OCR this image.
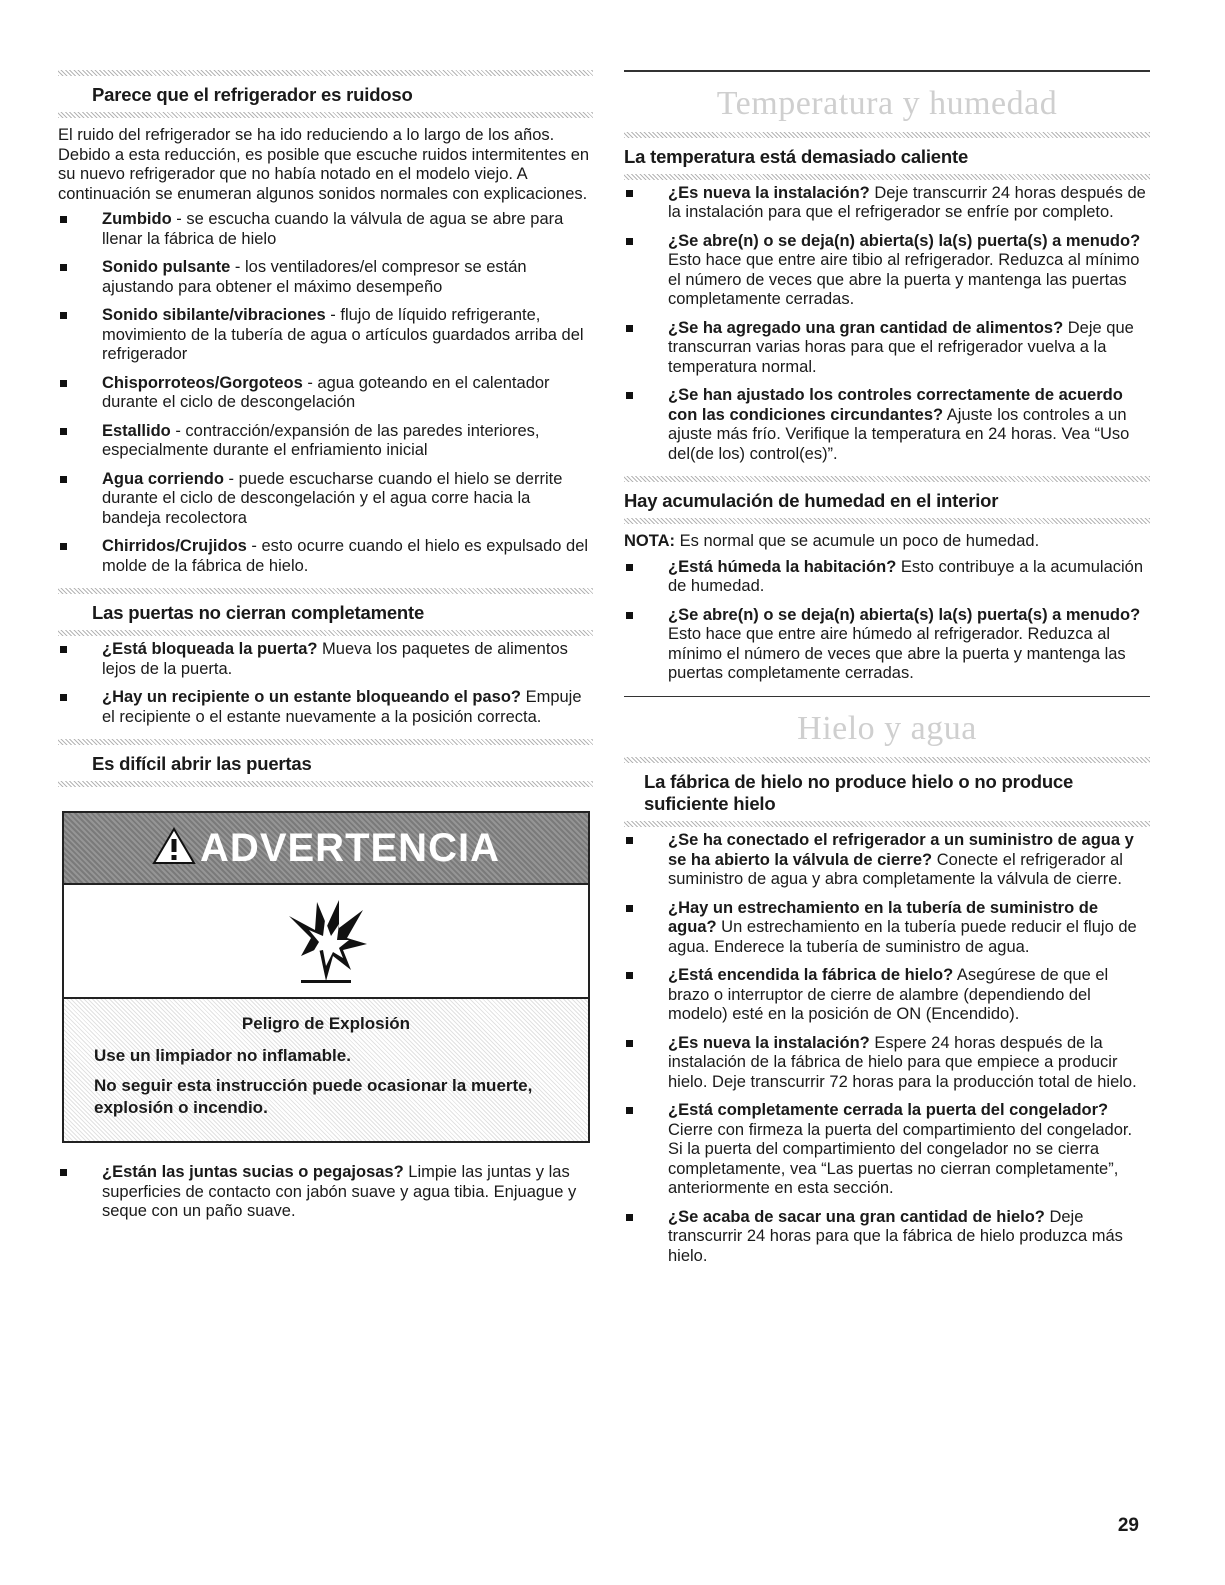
Parece que el refrigerador es ruidoso

El ruido del refrigerador se ha ido reduciendo a lo largo de los años. Debido a esta reducción, es posible que escuche ruidos intermitentes en su nuevo refrigerador que no había notado en el modelo viejo. A continuación se enumeran algunos sonidos normales con explicaciones.

Zumbido - se escucha cuando la válvula de agua se abre para llenar la fábrica de hielo
Sonido pulsante - los ventiladores/el compresor se están ajustando para obtener el máximo desempeño
Sonido sibilante/vibraciones - flujo de líquido refrigerante, movimiento de la tubería de agua o artículos guardados arriba del refrigerador
Chisporroteos/Gorgoteos - agua goteando en el calentador durante el ciclo de descongelación
Estallido - contracción/expansión de las paredes interiores, especialmente durante el enfriamiento inicial
Agua corriendo - puede escucharse cuando el hielo se derrite durante el ciclo de descongelación y el agua corre hacia la bandeja recolectora
Chirridos/Crujidos - esto ocurre cuando el hielo es expulsado del molde de la fábrica de hielo.
Las puertas no cierran completamente
¿Está bloqueada la puerta? Mueva los paquetes de alimentos lejos de la puerta.
¿Hay un recipiente o un estante bloqueando el paso? Empuje el recipiente o el estante nuevamente a la posición correcta.
Es difícil abrir las puertas
ADVERTENCIA
Peligro de Explosión
Use un limpiador no inflamable.
No seguir esta instrucción puede ocasionar la muerte, explosión o incendio.
¿Están las juntas sucias o pegajosas? Limpie las juntas y las superficies de contacto con jabón suave y agua tibia. Enjuague y seque con un paño suave.
Temperatura y humedad
La temperatura está demasiado caliente
¿Es nueva la instalación? Deje transcurrir 24 horas después de la instalación para que el refrigerador se enfríe por completo.
¿Se abre(n) o se deja(n) abierta(s) la(s) puerta(s) a menudo? Esto hace que entre aire tibio al refrigerador. Reduzca al mínimo el número de veces que abre la puerta y mantenga las puertas completamente cerradas.
¿Se ha agregado una gran cantidad de alimentos? Deje que transcurran varias horas para que el refrigerador vuelva a la temperatura normal.
¿Se han ajustado los controles correctamente de acuerdo con las condiciones circundantes? Ajuste los controles a un ajuste más frío. Verifique la temperatura en 24 horas. Vea “Uso del(de los) control(es)”.
Hay acumulación de humedad en el interior

NOTA: Es normal que se acumule un poco de humedad.

¿Está húmeda la habitación? Esto contribuye a la acumulación de humedad.
¿Se abre(n) o se deja(n) abierta(s) la(s) puerta(s) a menudo? Esto hace que entre aire húmedo al refrigerador. Reduzca al mínimo el número de veces que abre la puerta y mantenga las puertas completamente cerradas.
Hielo y agua
La fábrica de hielo no produce hielo o no produce suficiente hielo
¿Se ha conectado el refrigerador a un suministro de agua y se ha abierto la válvula de cierre? Conecte el refrigerador al suministro de agua y abra completamente la válvula de cierre.
¿Hay un estrechamiento en la tubería de suministro de agua? Un estrechamiento en la tubería puede reducir el flujo de agua. Enderece la tubería de suministro de agua.
¿Está encendida la fábrica de hielo? Asegúrese de que el brazo o interruptor de cierre de alambre (dependiendo del modelo) esté en la posición de ON (Encendido).
¿Es nueva la instalación? Espere 24 horas después de la instalación de la fábrica de hielo para que empiece a producir hielo. Deje transcurrir 72 horas para la producción total de hielo.
¿Está completamente cerrada la puerta del congelador? Cierre con firmeza la puerta del compartimiento del congelador. Si la puerta del compartimiento del congelador no se cierra completamente, vea “Las puertas no cierran completamente”, anteriormente en esta sección.
¿Se acaba de sacar una gran cantidad de hielo? Deje transcurrir 24 horas para que la fábrica de hielo produzca más hielo.
29
